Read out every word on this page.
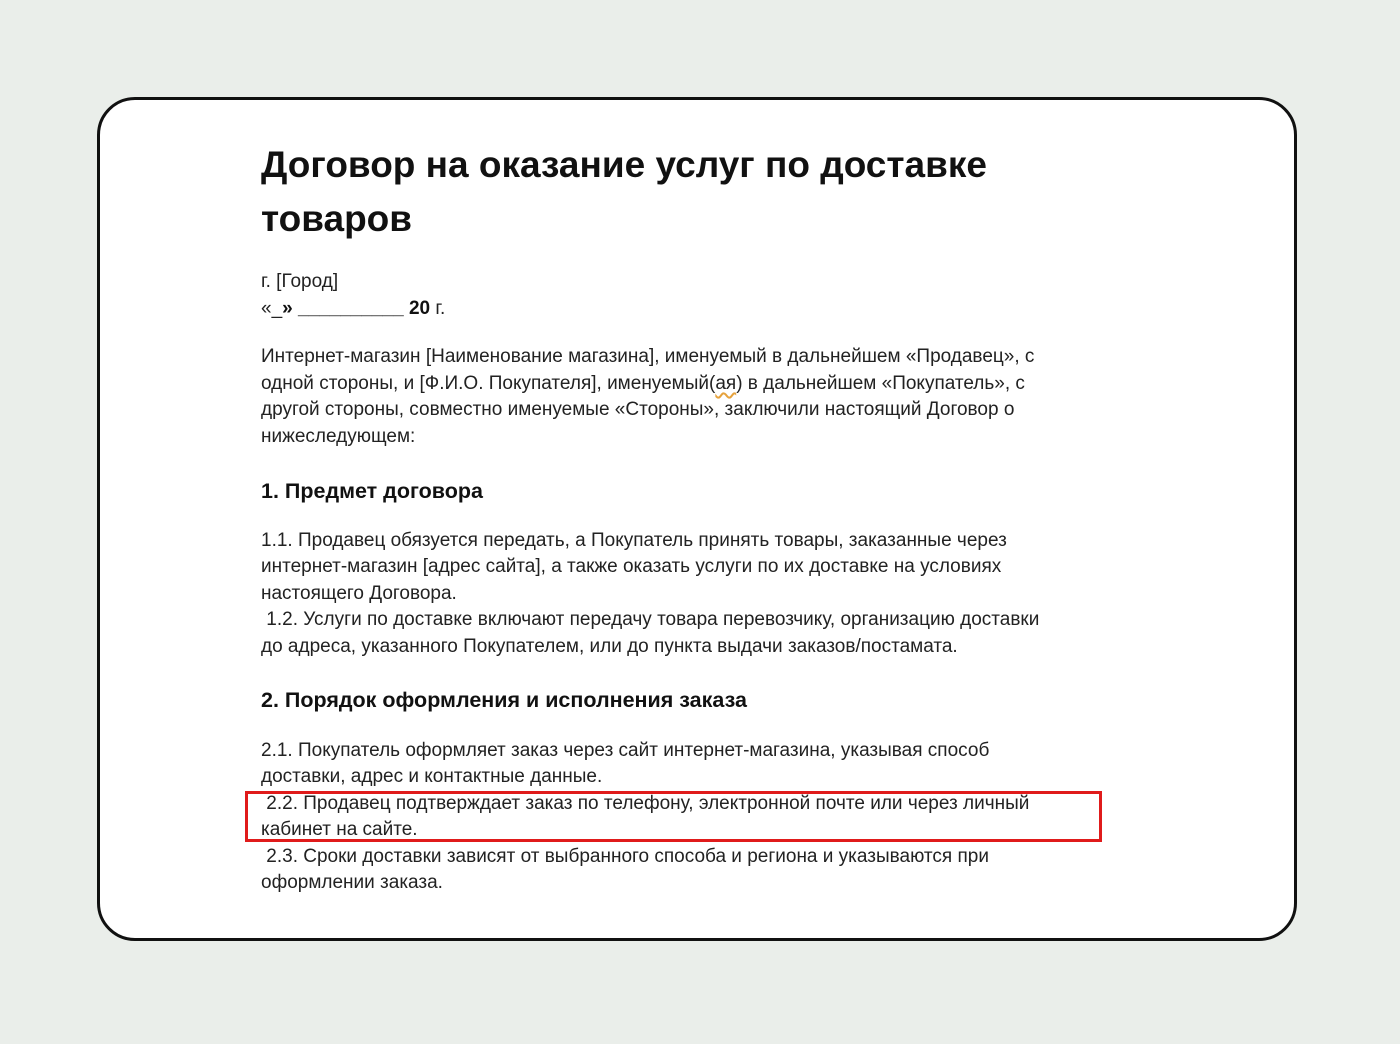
Договор на оказание услуг по доставке товаров
г. [Город]
«_» __________ 20 г.
Интернет-магазин [Наименование магазина], именуемый в дальнейшем «Продавец», с
одной стороны, и [Ф.И.О. Покупателя], именуемый(ая) в дальнейшем «Покупатель», с
другой стороны, совместно именуемые «Стороны», заключили настоящий Договор о
нижеследующем:
1. Предмет договора
1.1. Продавец обязуется передать, а Покупатель принять товары, заказанные через
интернет-магазин [адрес сайта], а также оказать услуги по их доставке на условиях
настоящего Договора.
1.2. Услуги по доставке включают передачу товара перевозчику, организацию доставки
до адреса, указанного Покупателем, или до пункта выдачи заказов/постамата.
2. Порядок оформления и исполнения заказа
2.1. Покупатель оформляет заказ через сайт интернет-магазина, указывая способ
доставки, адрес и контактные данные.
2.2. Продавец подтверждает заказ по телефону, электронной почте или через личный
кабинет на сайте.
2.3. Сроки доставки зависят от выбранного способа и региона и указываются при
оформлении заказа.
